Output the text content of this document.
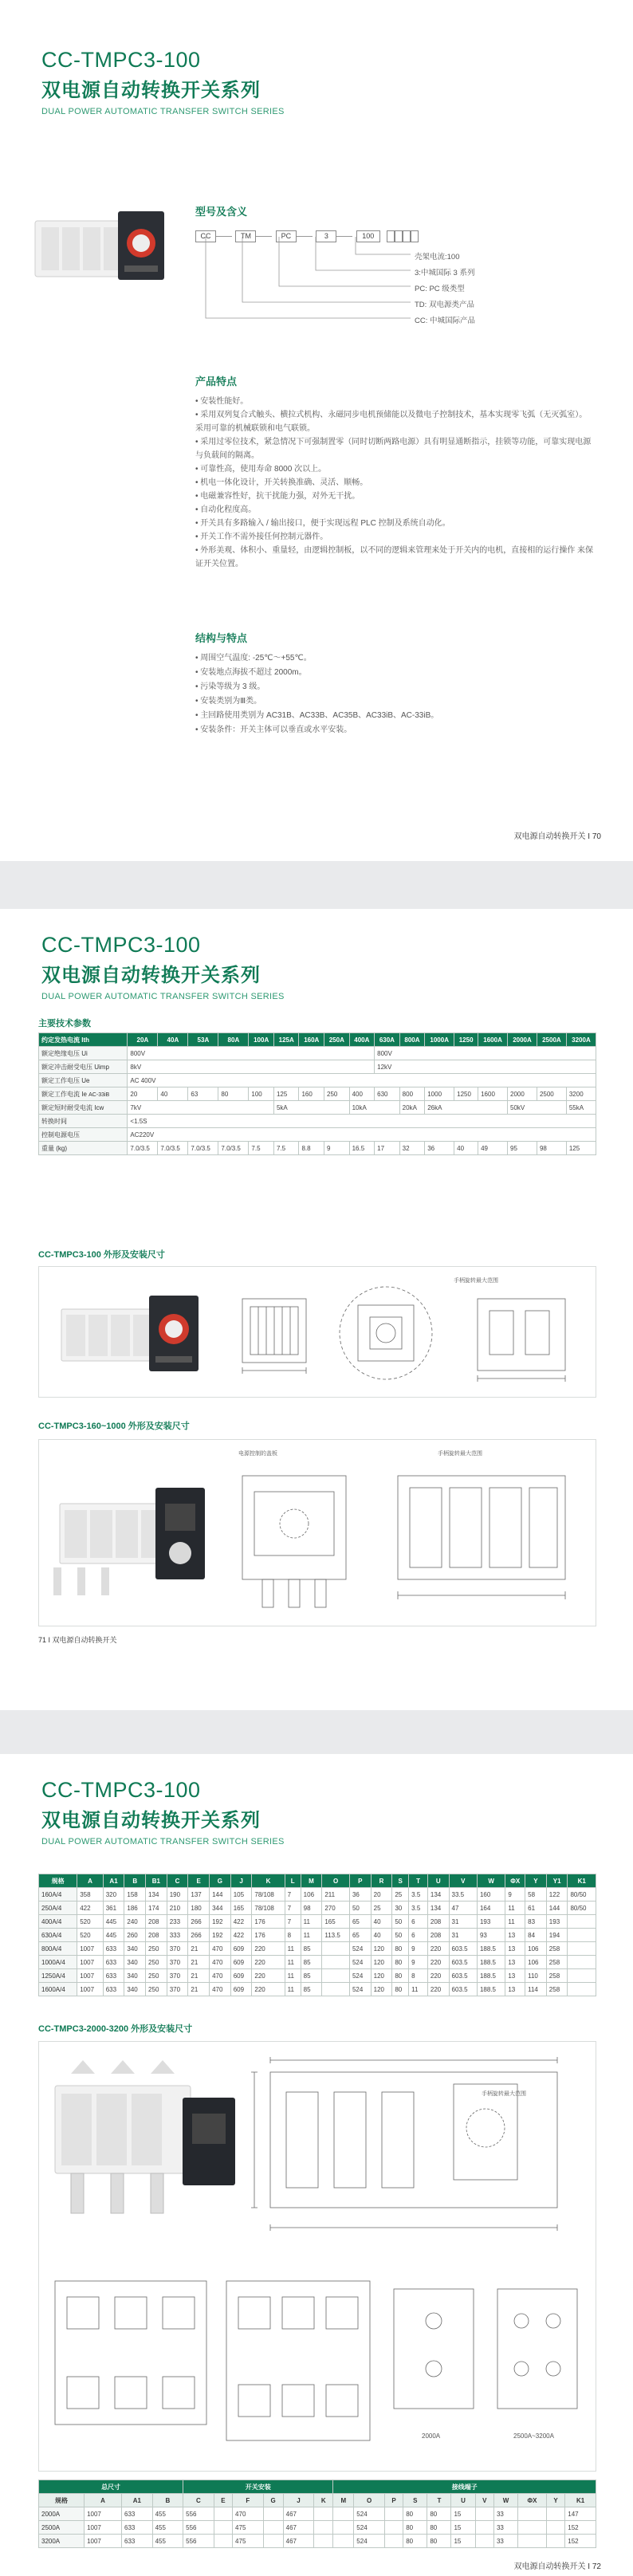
CC-TMPC3-100
双电源自动转换开关系列
DUAL POWER AUTOMATIC TRANSFER SWITCH SERIES
型号及含义
CC	TM	PC	3	100
壳架电流:100
3:中城国际 3 系列
PC: PC 级类型
TD: 双电源类产品
CC: 中城国际产品
产品特点
• 安装性能好。
• 采用双列复合式触头、横拉式机构、永磁同步电机预储能以及微电子控制技术，基本实现零飞弧（无灭弧室）。
采用可靠的机械联锁和电气联锁。
• 采用过零位技术，紧急情况下可强制置零（同时切断两路电源）具有明显通断指示，挂锁等功能，可靠实现电源与负载间的隔离。
• 可靠性高，使用寿命 8000 次以上。
• 机电一体化设计，开关转换准确、灵活、顺畅。
• 电磁兼容性好，抗干扰能力强，对外无干扰。
• 自动化程度高。
• 开关具有多路输入 / 输出接口，便于实现远程 PLC 控制及系统自动化。
• 开关工作不需外接任何控制元器件。
• 外形美观、体积小、重量轻，由逻辑控制板，以不同的逻辑来管理来处于开关内的电机，直接相的运行操作 来保证开关位置。
结构与特点
• 周围空气温度: -25℃～+55℃。
• 安装地点海拔不超过 2000m。
• 污染等级为 3 级。
• 安装类别为Ⅲ类。
• 主回路使用类别为 AC31B、AC33B、AC35B、AC33iB、AC-33iB。
• 安装条件：开关主体可以垂直或水平安装。
双电源自动转换开关 I 70
CC-TMPC3-100
双电源自动转换开关系列
DUAL POWER AUTOMATIC TRANSFER SWITCH SERIES
主要技术参数
约定发热电流 Ith	20A	40A	53A	80A	100A	125A	160A	250A	400A	630A	800A	1000A	1250	1600A	2000A	2500A	3200A
额定绝缘电压 Ui	800V									800V							
额定冲击耐受电压 Uimp	8kV									12kV							
额定工作电压 Ue	AC 400V																
额定工作电流 Ie AC-33iB	20	40	63	80	100	125	160	250	400	630	800	1000	1250	1600	2000	2500	3200
额定短时耐受电流 Icw	7kV					5kA			10kA		20kA	26kA			50kV		55kA
转换时间	<1.5S																
控制电源电压	AC220V																
重量 (kg)	7.0/3.5	7.0/3.5	7.0/3.5	7.0/3.5	7.5	7.5	8.8	9	16.5	17	32	36	40	49	95	98	125
CC-TMPC3-100 外形及安装尺寸
手柄旋转最大范围
CC-TMPC3-160~1000 外形及安装尺寸
电源控制的盖板	手柄旋转最大范围
71 I 双电源自动转换开关
CC-TMPC3-100
双电源自动转换开关系列
DUAL POWER AUTOMATIC TRANSFER SWITCH SERIES
规格	A	A1	B	B1	C	E	G	J	K	L	M	O	P	R	S	T	U	V	W	ΦX	Y	Y1	K1
160A/4	358	320	158	134	190	137	144	105	78/108	7	106	211	36	20	25	3.5	134	33.5	160	9	58	122	80/50
250A/4	422	361	186	174	210	180	344	165	78/108	7	98	270	50	25	30	3.5	134	47	164	11	61	144	80/50
400A/4	520	445	240	208	233	266	192	422	176	7	11	165	65	40	50	6	208	31	193	11	83	193	
630A/4	520	445	260	208	333	266	192	422	176	8	11	113.5	65	40	50	6	208	31	93	13	84	194	
800A/4	1007	633	340	250	370	21	470	609	220	11	85		524	120	80	9	220	603.5	188.5	13	106	258	
1000A/4	1007	633	340	250	370	21	470	609	220	11	85		524	120	80	9	220	603.5	188.5	13	106	258	
1250A/4	1007	633	340	250	370	21	470	609	220	11	85		524	120	80	8	220	603.5	188.5	13	110	258	
1600A/4	1007	633	340	250	370	21	470	609	220	11	85		524	120	80	11	220	603.5	188.5	13	114	258	
CC-TMPC3-2000-3200 外形及安装尺寸
手柄旋转最大范围
2000A	2500A~3200A
总尺寸				开关安装						接线端子										
规格	A	A1	B	C	E	F	G	J	K	M	O	P	S	T	U	V	W	ΦX	Y	K1
2000A	1007	633	455	556		470		467			524		80	80	15		33			147
2500A	1007	633	455	556		475		467			524		80	80	15		33			152
3200A	1007	633	455	556		475		467			524		80	80	15		33			152
双电源自动转换开关 I 72
